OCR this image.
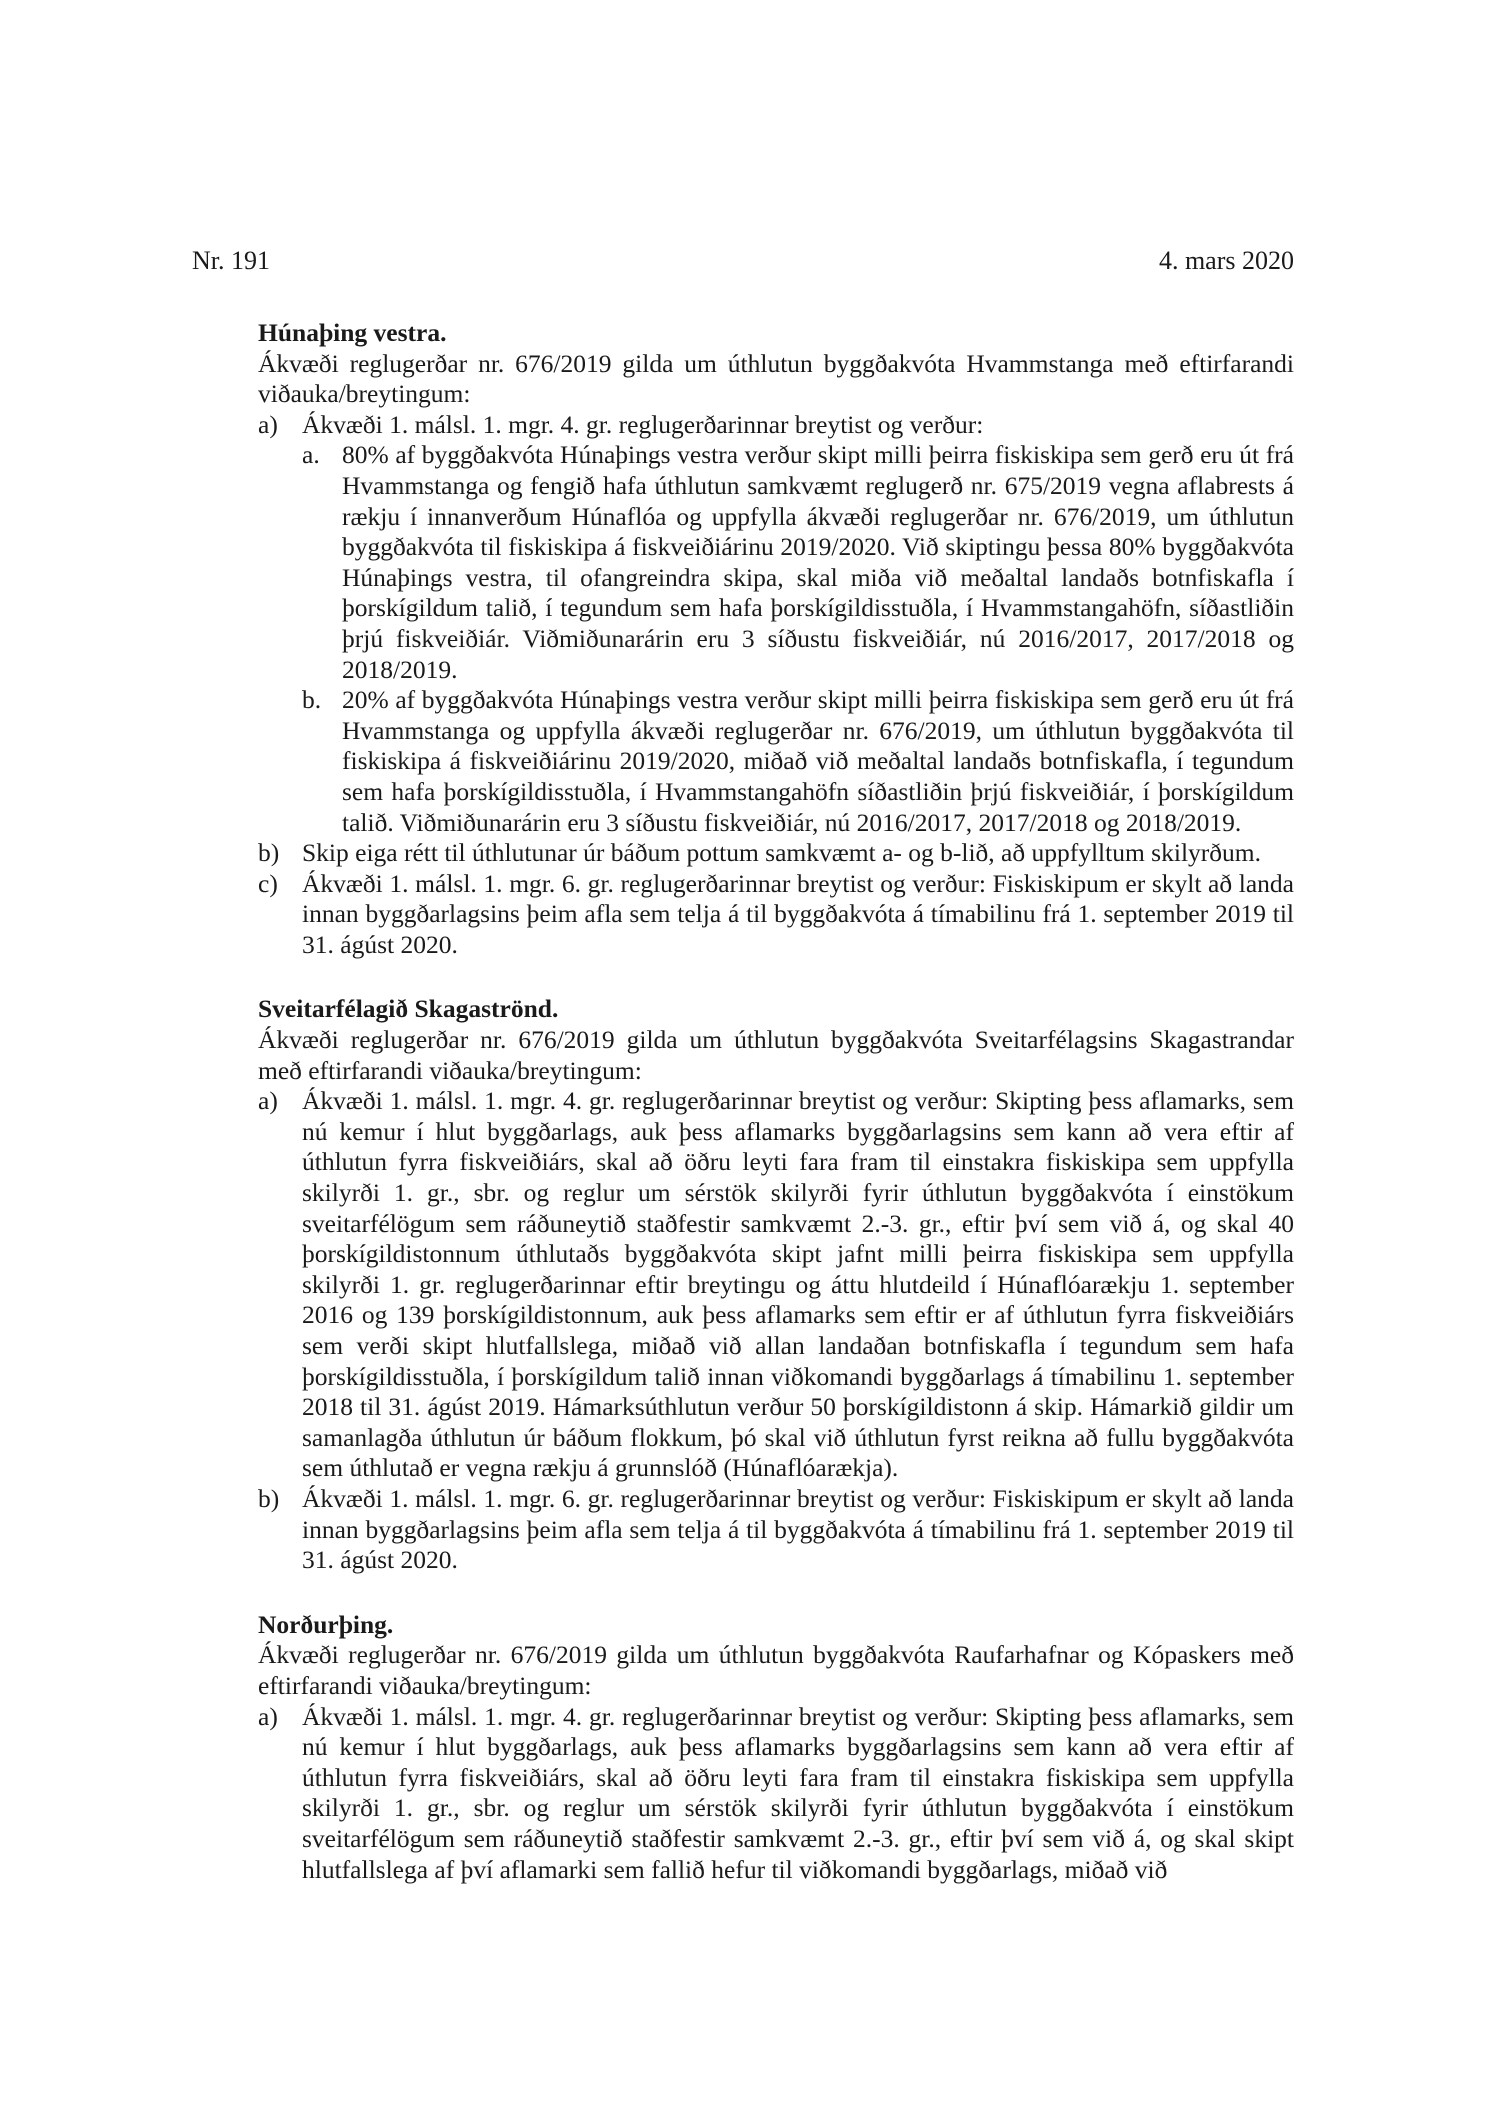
Nr. 191	4. mars 2020
Húnaþing vestra.

Ákvæði reglugerðar nr. 676/2019 gilda um úthlutun byggðakvóta Hvammstanga með eftirfarandi viðauka/breytingum:

a) Ákvæði 1. málsl. 1. mgr. 4. gr. reglugerðarinnar breytist og verður:
a. 80% af byggðakvóta Húnaþings vestra verður skipt milli þeirra fiskiskipa sem gerð eru út frá Hvammstanga og fengið hafa úthlutun samkvæmt reglugerð nr. 675/2019 vegna aflabrests á rækju í innanverðum Húnaflóa og uppfylla ákvæði reglugerðar nr. 676/2019, um úthlutun byggðakvóta til fiskiskipa á fiskveiðiárinu 2019/2020. Við skiptingu þessa 80% byggðakvóta Húnaþings vestra, til ofangreindra skipa, skal miða við meðaltal landaðs botnfiskafla í þorskígildum talið, í tegundum sem hafa þorskígildisstuðla, í Hvammstangahöfn, síðastliðin þrjú fiskveiðiár. Viðmiðunarárin eru 3 síðustu fiskveiðiár, nú 2016/2017, 2017/2018 og 2018/2019.
b. 20% af byggðakvóta Húnaþings vestra verður skipt milli þeirra fiskiskipa sem gerð eru út frá Hvammstanga og uppfylla ákvæði reglugerðar nr. 676/2019, um úthlutun byggðakvóta til fiskiskipa á fiskveiðiárinu 2019/2020, miðað við meðaltal landaðs botnfiskafla, í tegundum sem hafa þorskígildisstuðla, í Hvammstangahöfn síðastliðin þrjú fiskveiðiár, í þorskígildum talið. Viðmiðunarárin eru 3 síðustu fiskveiðiár, nú 2016/2017, 2017/2018 og 2018/2019.
b) Skip eiga rétt til úthlutunar úr báðum pottum samkvæmt a- og b-lið, að uppfylltum skilyrðum.
c) Ákvæði 1. málsl. 1. mgr. 6. gr. reglugerðarinnar breytist og verður: Fiskiskipum er skylt að landa innan byggðarlagsins þeim afla sem telja á til byggðakvóta á tímabilinu frá 1. september 2019 til 31. ágúst 2020.
Sveitarfélagið Skagaströnd.

Ákvæði reglugerðar nr. 676/2019 gilda um úthlutun byggðakvóta Sveitarfélagsins Skagastrandar með eftirfarandi viðauka/breytingum:

a) Ákvæði 1. málsl. 1. mgr. 4. gr. reglugerðarinnar breytist og verður: Skipting þess aflamarks, sem nú kemur í hlut byggðarlags, auk þess aflamarks byggðarlagsins sem kann að vera eftir af úthlutun fyrra fiskveiðiárs, skal að öðru leyti fara fram til einstakra fiskiskipa sem uppfylla skilyrði 1. gr., sbr. og reglur um sérstök skilyrði fyrir úthlutun byggðakvóta í einstökum sveitarfélögum sem ráðuneytið staðfestir samkvæmt 2.-3. gr., eftir því sem við á, og skal 40 þorskígildistonnum úthlutaðs byggðakvóta skipt jafnt milli þeirra fiskiskipa sem uppfylla skilyrði 1. gr. reglugerðarinnar eftir breytingu og áttu hlutdeild í Húnaflóarækju 1. september 2016 og 139 þorskígildistonnum, auk þess aflamarks sem eftir er af úthlutun fyrra fiskveiðiárs sem verði skipt hlutfallslega, miðað við allan landaðan botnfiskafla í tegundum sem hafa þorskígildisstuðla, í þorskígildum talið innan viðkomandi byggðarlags á tímabilinu 1. september 2018 til 31. ágúst 2019. Hámarksúthlutun verður 50 þorskígildistonn á skip. Hámarkið gildir um samanlagða úthlutun úr báðum flokkum, þó skal við úthlutun fyrst reikna að fullu byggðakvóta sem úthlutað er vegna rækju á grunnslóð (Húnaflóarækja).
b) Ákvæði 1. málsl. 1. mgr. 6. gr. reglugerðarinnar breytist og verður: Fiskiskipum er skylt að landa innan byggðarlagsins þeim afla sem telja á til byggðakvóta á tímabilinu frá 1. september 2019 til 31. ágúst 2020.
Norðurþing.

Ákvæði reglugerðar nr. 676/2019 gilda um úthlutun byggðakvóta Raufarhafnar og Kópaskers með eftirfarandi viðauka/breytingum:

a) Ákvæði 1. málsl. 1. mgr. 4. gr. reglugerðarinnar breytist og verður: Skipting þess aflamarks, sem nú kemur í hlut byggðarlags, auk þess aflamarks byggðarlagsins sem kann að vera eftir af úthlutun fyrra fiskveiðiárs, skal að öðru leyti fara fram til einstakra fiskiskipa sem uppfylla skilyrði 1. gr., sbr. og reglur um sérstök skilyrði fyrir úthlutun byggðakvóta í einstökum sveitarfélögum sem ráðuneytið staðfestir samkvæmt 2.-3. gr., eftir því sem við á, og skal skipt hlutfallslega af því aflamarki sem fallið hefur til viðkomandi byggðarlags, miðað við
